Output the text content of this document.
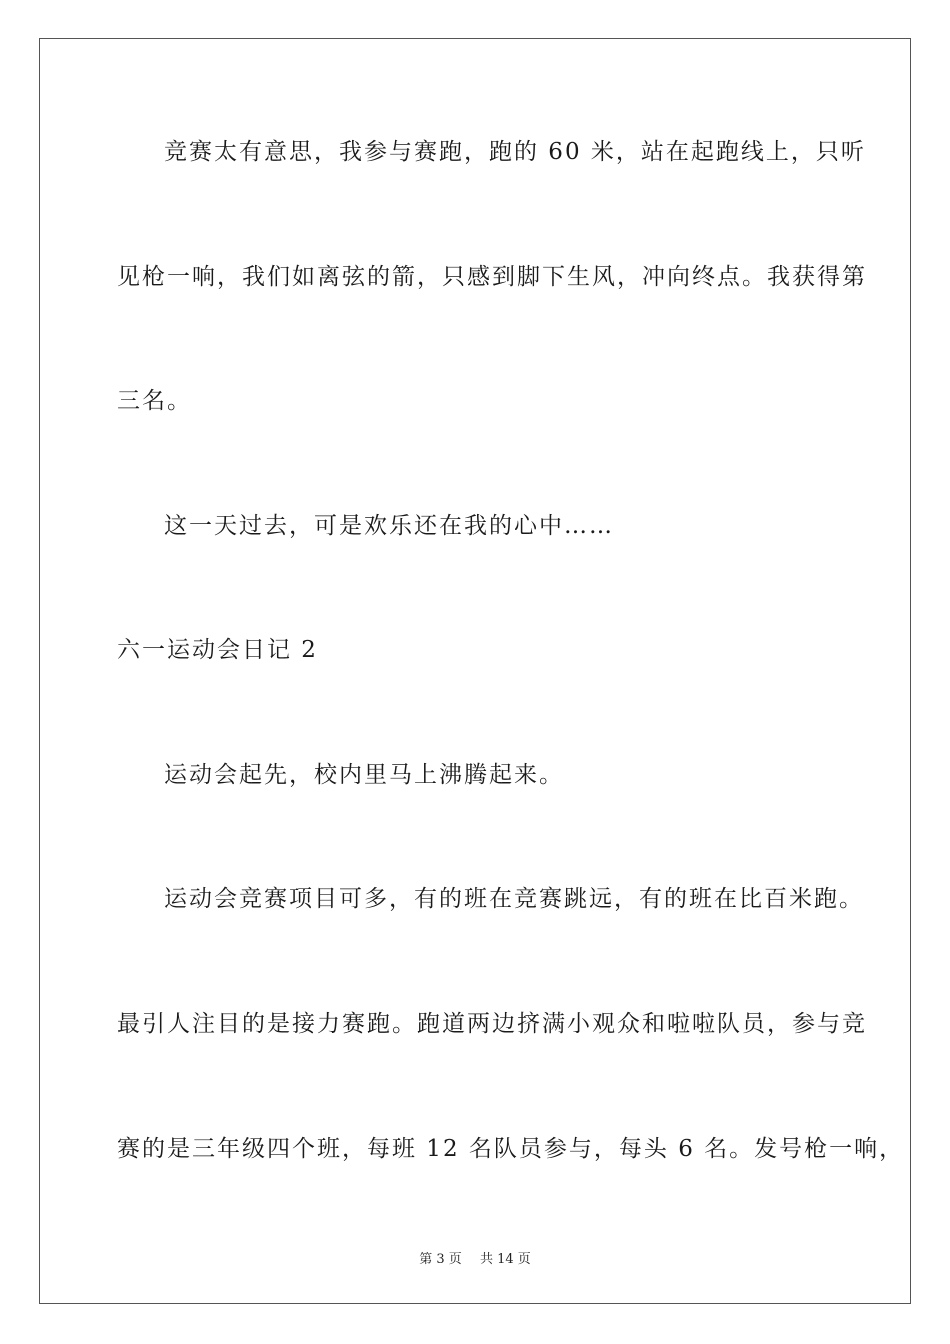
竞赛太有意思，我参与赛跑，跑的 60 米，站在起跑线上，只听
见枪一响，我们如离弦的箭，只感到脚下生风，冲向终点。我获得第
三名。
这一天过去，可是欢乐还在我的心中……
六一运动会日记 2
运动会起先，校内里马上沸腾起来。
运动会竞赛项目可多，有的班在竞赛跳远，有的班在比百米跑。
最引人注目的是接力赛跑。跑道两边挤满小观众和啦啦队员，参与竞
赛的是三年级四个班，每班 12 名队员参与，每头 6 名。发号枪一响，
第 3 页 共 14 页
